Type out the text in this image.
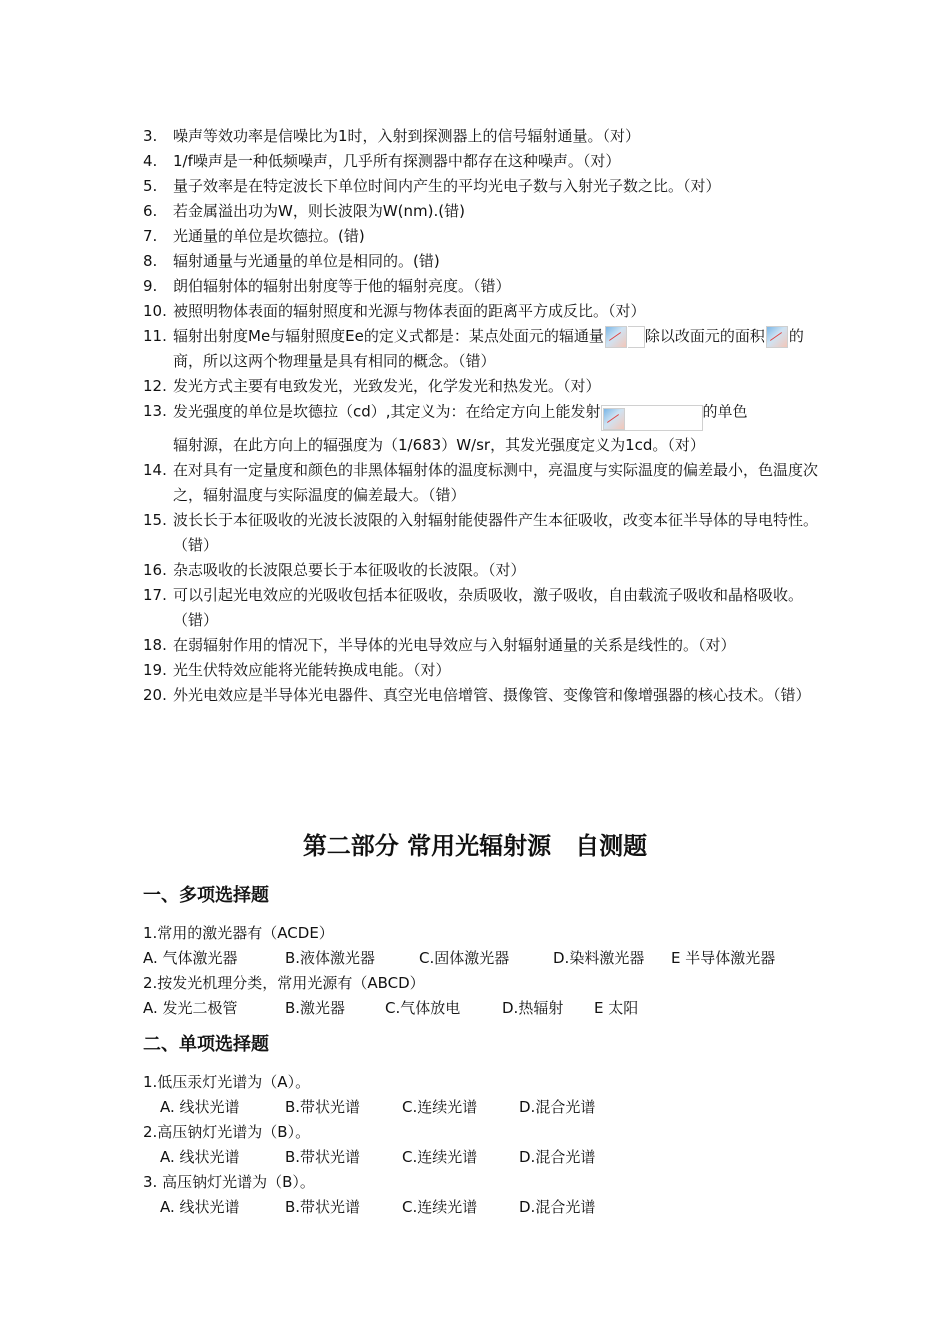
3.	噪声等效功率是信噪比为1时，入射到探测器上的信号辐射通量。（对）
4.	1/f噪声是一种低频噪声，几乎所有探测器中都存在这种噪声。（对）
5.	量子效率是在特定波长下单位时间内产生的平均光电子数与入射光子数之比。（对）
6.	若金属溢出功为W，则长波限为W(nm).(错)
7.	光通量的单位是坎德拉。(错)
8.	辐射通量与光通量的单位是相同的。(错)
9.	朗伯辐射体的辐射出射度等于他的辐射亮度。（错）
10. 被照明物体表面的辐射照度和光源与物体表面的距离平方成反比。（对）
11. 辐射出射度Me与辐射照度Ee的定义式都是：某点处面元的辐通量	除以改面元的面积 的商，所以这两个物理量是具有相同的概念。（错）
12. 发光方式主要有电致发光，光致发光，化学发光和热发光。（对）
13. 发光强度的单位是坎德拉（cd）,其定义为：在给定方向上能发射	的单色
辐射源，在此方向上的辐强度为（1/683）W/sr，其发光强度定义为1cd。（对）
14. 在对具有一定量度和颜色的非黑体辐射体的温度标测中，亮温度与实际温度的偏差最小，色温度次之，辐射温度与实际温度的偏差最大。（错）
15. 波长长于本征吸收的光波长波限的入射辐射能使器件产生本征吸收，改变本征半导体的导电特性。（错）
16. 杂志吸收的长波限总要长于本征吸收的长波限。（对）
17. 可以引起光电效应的光吸收包括本征吸收，杂质吸收，激子吸收，自由载流子吸收和晶格吸收。（错）
18. 在弱辐射作用的情况下，半导体的光电导效应与入射辐射通量的关系是线性的。（对）
19. 光生伏特效应能将光能转换成电能。（对）
20. 外光电效应是半导体光电器件、真空光电倍增管、摄像管、变像管和像增强器的核心技术。（错）
第二部分 常用光辐射源　自测题
一、多项选择题
1.常用的激光器有（ACDE）
A. 气体激光器	B.液体激光器	C.固体激光器	D.染料激光器 E 半导体激光器
2.按发光机理分类，常用光源有（ABCD）
A. 发光二极管	B.激光器	C.气体放电	D.热辐射 E 太阳
二、单项选择题
1.低压汞灯光谱为（A）。
A. 线状光谱	B.带状光谱	C.连续光谱	D.混合光谱
2.高压钠灯光谱为（B）。
A. 线状光谱	B.带状光谱	C.连续光谱	D.混合光谱
3. 高压钠灯光谱为（B）。
A. 线状光谱	B.带状光谱	C.连续光谱	D.混合光谱
